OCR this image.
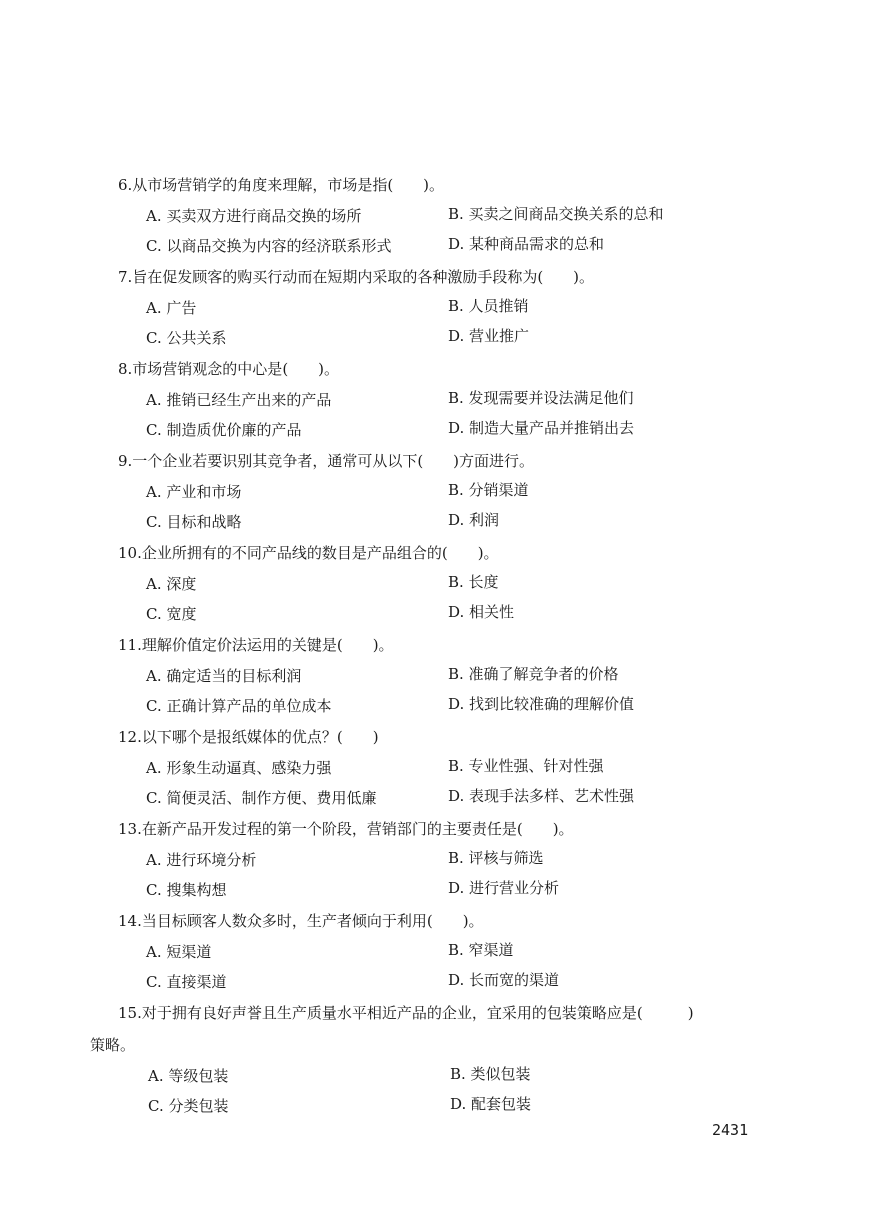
6.从市场营销学的角度来理解，市场是指(　　)。
A. 买卖双方进行商品交换的场所	B. 买卖之间商品交换关系的总和
C. 以商品交换为内容的经济联系形式	D. 某种商品需求的总和
7.旨在促发顾客的购买行动而在短期内采取的各种激励手段称为(　　)。
A. 广告	B. 人员推销
C. 公共关系	D. 营业推广
8.市场营销观念的中心是(　　)。
A. 推销已经生产出来的产品	B. 发现需要并设法满足他们
C. 制造质优价廉的产品	D. 制造大量产品并推销出去
9.一个企业若要识别其竞争者，通常可从以下(　　)方面进行。
A. 产业和市场	B. 分销渠道
C. 目标和战略	D. 利润
10.企业所拥有的不同产品线的数目是产品组合的(　　)。
A. 深度	B. 长度
C. 宽度	D. 相关性
11.理解价值定价法运用的关键是(　　)。
A. 确定适当的目标利润	B. 准确了解竞争者的价格
C. 正确计算产品的单位成本	D. 找到比较准确的理解价值
12.以下哪个是报纸媒体的优点？(　　)
A. 形象生动逼真、感染力强	B. 专业性强、针对性强
C. 简便灵活、制作方便、费用低廉	D. 表现手法多样、艺术性强
13.在新产品开发过程的第一个阶段，营销部门的主要责任是(　　)。
A. 进行环境分析	B. 评核与筛选
C. 搜集构想	D. 进行营业分析
14.当目标顾客人数众多时，生产者倾向于利用(　　)。
A. 短渠道	B. 窄渠道
C. 直接渠道	D. 长而宽的渠道
15.对于拥有良好声誉且生产质量水平相近产品的企业，宜采用的包装策略应是(　　　)
策略。
A. 等级包装	B. 类似包装
C. 分类包装	D. 配套包装
2431
